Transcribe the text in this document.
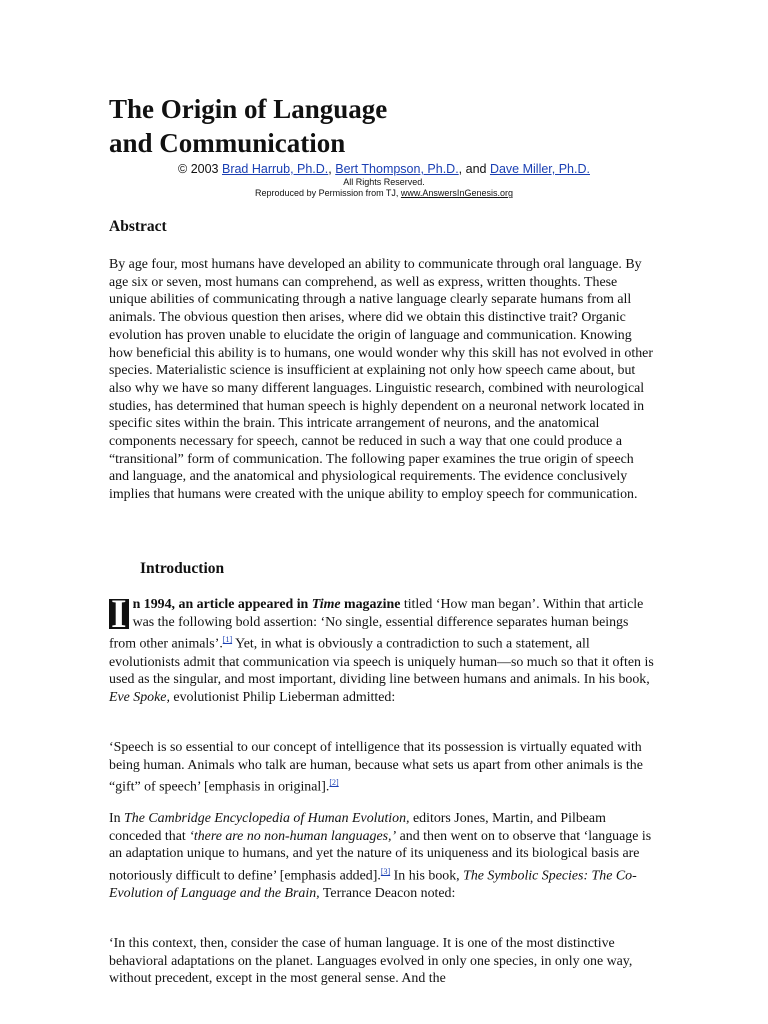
The Origin of Language
and Communication
© 2003 Brad Harrub, Ph.D., Bert Thompson, Ph.D., and Dave Miller, Ph.D.
All Rights Reserved.
Reproduced by Permission from TJ, www.AnswersInGenesis.org
Abstract

By age four, most humans have developed an ability to communicate through oral language. By age six or seven, most humans can comprehend, as well as express, written thoughts. These unique abilities of communicating through a native language clearly separate humans from all animals. The obvious question then arises, where did we obtain this distinctive trait? Organic evolution has proven unable to elucidate the origin of language and communication. Knowing how beneficial this ability is to humans, one would wonder why this skill has not evolved in other species. Materialistic science is insufficient at explaining not only how speech came about, but also why we have so many different languages. Linguistic research, combined with neurological studies, has determined that human speech is highly dependent on a neuronal network located in specific sites within the brain. This intricate arrangement of neurons, and the anatomical components necessary for speech, cannot be reduced in such a way that one could produce a “transitional” form of communication. The following paper examines the true origin of speech and language, and the anatomical and physiological requirements. The evidence conclusively implies that humans were created with the unique ability to employ speech for communication.

Introduction

I n 1994, an article appeared in Time magazine titled ‘How man began’. Within that article was the following bold assertion: ‘No single, essential difference separates human beings from other animals’.[1] Yet, in what is obviously a contradiction to such a statement, all evolutionists admit that communication via speech is uniquely human—so much so that it often is used as the singular, and most important, dividing line between humans and animals. In his book, Eve Spoke, evolutionist Philip Lieberman admitted:

‘Speech is so essential to our concept of intelligence that its possession is virtually equated with being human. Animals who talk are human, because what sets us apart from other animals is the “gift” of speech’ [emphasis in original].[2]

In The Cambridge Encyclopedia of Human Evolution, editors Jones, Martin, and Pilbeam conceded that ‘there are no non-human languages,’ and then went on to observe that ‘language is an adaptation unique to humans, and yet the nature of its uniqueness and its biological basis are notoriously difficult to define’ [emphasis added].[3] In his book, The Symbolic Species: The Co-Evolution of Language and the Brain, Terrance Deacon noted:

‘In this context, then, consider the case of human language. It is one of the most distinctive behavioral adaptations on the planet. Languages evolved in only one species, in only one way, without precedent, except in the most general sense. And the
